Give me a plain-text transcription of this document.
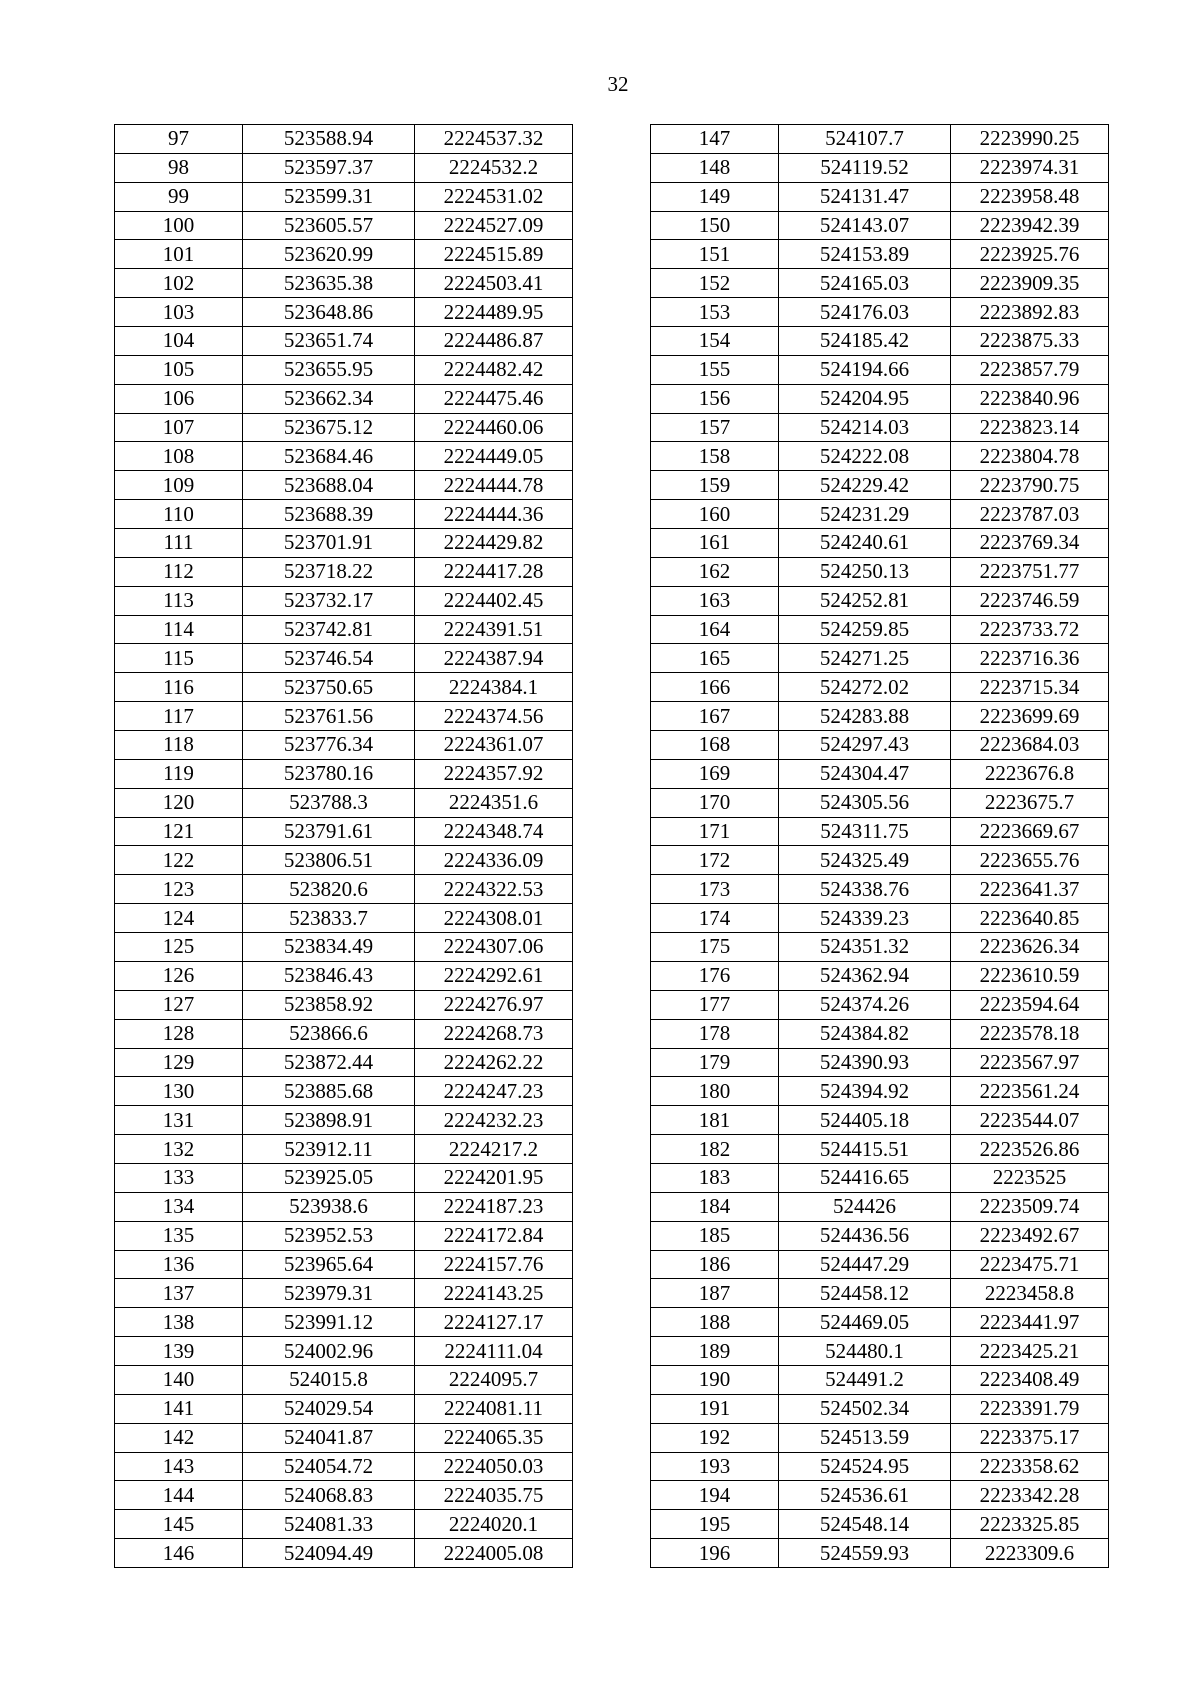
32
97	523588.94	2224537.32
98	523597.37	2224532.2
99	523599.31	2224531.02
100	523605.57	2224527.09
101	523620.99	2224515.89
102	523635.38	2224503.41
103	523648.86	2224489.95
104	523651.74	2224486.87
105	523655.95	2224482.42
106	523662.34	2224475.46
107	523675.12	2224460.06
108	523684.46	2224449.05
109	523688.04	2224444.78
110	523688.39	2224444.36
111	523701.91	2224429.82
112	523718.22	2224417.28
113	523732.17	2224402.45
114	523742.81	2224391.51
115	523746.54	2224387.94
116	523750.65	2224384.1
117	523761.56	2224374.56
118	523776.34	2224361.07
119	523780.16	2224357.92
120	523788.3	2224351.6
121	523791.61	2224348.74
122	523806.51	2224336.09
123	523820.6	2224322.53
124	523833.7	2224308.01
125	523834.49	2224307.06
126	523846.43	2224292.61
127	523858.92	2224276.97
128	523866.6	2224268.73
129	523872.44	2224262.22
130	523885.68	2224247.23
131	523898.91	2224232.23
132	523912.11	2224217.2
133	523925.05	2224201.95
134	523938.6	2224187.23
135	523952.53	2224172.84
136	523965.64	2224157.76
137	523979.31	2224143.25
138	523991.12	2224127.17
139	524002.96	2224111.04
140	524015.8	2224095.7
141	524029.54	2224081.11
142	524041.87	2224065.35
143	524054.72	2224050.03
144	524068.83	2224035.75
145	524081.33	2224020.1
146	524094.49	2224005.08
147	524107.7	2223990.25
148	524119.52	2223974.31
149	524131.47	2223958.48
150	524143.07	2223942.39
151	524153.89	2223925.76
152	524165.03	2223909.35
153	524176.03	2223892.83
154	524185.42	2223875.33
155	524194.66	2223857.79
156	524204.95	2223840.96
157	524214.03	2223823.14
158	524222.08	2223804.78
159	524229.42	2223790.75
160	524231.29	2223787.03
161	524240.61	2223769.34
162	524250.13	2223751.77
163	524252.81	2223746.59
164	524259.85	2223733.72
165	524271.25	2223716.36
166	524272.02	2223715.34
167	524283.88	2223699.69
168	524297.43	2223684.03
169	524304.47	2223676.8
170	524305.56	2223675.7
171	524311.75	2223669.67
172	524325.49	2223655.76
173	524338.76	2223641.37
174	524339.23	2223640.85
175	524351.32	2223626.34
176	524362.94	2223610.59
177	524374.26	2223594.64
178	524384.82	2223578.18
179	524390.93	2223567.97
180	524394.92	2223561.24
181	524405.18	2223544.07
182	524415.51	2223526.86
183	524416.65	2223525
184	524426	2223509.74
185	524436.56	2223492.67
186	524447.29	2223475.71
187	524458.12	2223458.8
188	524469.05	2223441.97
189	524480.1	2223425.21
190	524491.2	2223408.49
191	524502.34	2223391.79
192	524513.59	2223375.17
193	524524.95	2223358.62
194	524536.61	2223342.28
195	524548.14	2223325.85
196	524559.93	2223309.6
